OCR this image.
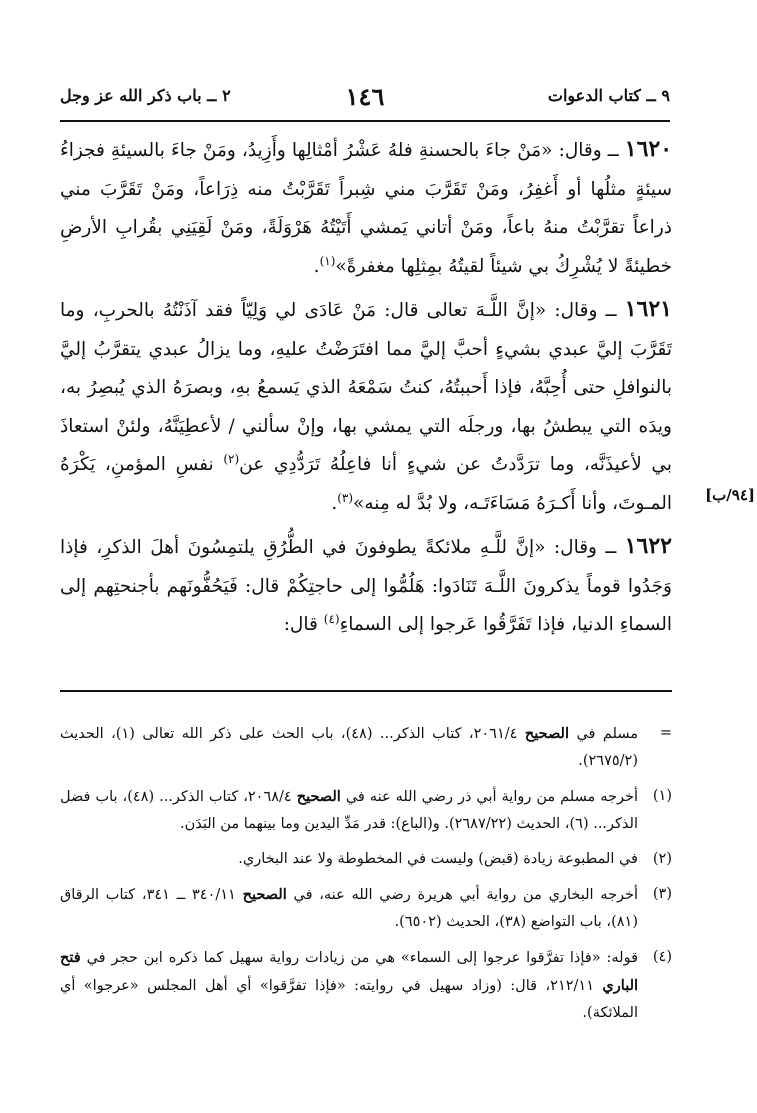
٩ ــ كتاب الدعوات
١٤٦
٢ ــ باب ذكر الله عز وجل
[٩٤/ب]

١٦٢٠ ــ وقال: «مَنْ جاءَ بالحسنةِ فلهُ عَشْرُ أمْثالِها وأَزِيدُ، ومَنْ جاءَ بالسيئةِ فجزاءُ سيئةٍ مثلُها أو أَغفِرُ، ومَنْ تَقَرَّبَ مني شِبراً تَقَرَّبْتُ منه ذِرَاعاً، ومَنْ تَقَرَّبَ مني ذراعاً تقرَّبْتُ منهُ باعاً، ومَنْ أتاني يَمشي أَتَيْتُهُ هَرْوَلَةً، ومَنْ لَقِيَنِي بقُرابِ الأرضِ خطيئةً لا يُشْرِكُ بي شيئاً لقيتُهُ بمِثلِها مغفرةً»$^{(١)}$.

١٦٢١ ــ وقال: «إنَّ اللَّـهَ تعالى قال: مَنْ عَادَى لي وَلِيّاً فقد آذَنْتُهُ بالحربِ، وما تَقَرَّبَ إليَّ عبدي بشيءٍ أحبَّ إليَّ مما افتَرَضْتُ عليهِ، وما يزالُ عبدي يتقرَّبُ إليَّ بالنوافلِ حتى أُحِبَّهُ، فإذا أَحببتُهُ، كنتُ سَمْعَهُ الذي يَسمعُ بهِ، وبصرَهُ الذي يُبصِرُ به، ويدَه التي يبطشُ بها، ورجلَه التي يمشي بها، وإنْ سألني / لأعطِيَنَّهُ، ولئنْ استعاذَ بي لأعيذَنَّه، وما ترَدَّدتُ عن شيءٍ أنا فاعِلُهُ تَرَدُّدِي عن$^{(٢)}$ نفسِ المؤمنِ، يَكْرَهُ المـوتَ، وأنا أَكـرَهُ مَسَاءَتَـه، ولا بُدَّ له مِنه»$^{(٣)}$.

١٦٢٢ ــ وقال: «إنَّ للَّـهِ ملائكةً يطوفونَ في الطُّرُقِ يلتمِسُونَ أهلَ الذكرِ، فإذا وَجَدُوا قوماً يذكرونَ اللَّـهَ تَنَادَوا: هَلُمُّوا إلى حاجتِكُمْ قال: فَيَحُفُّونَهم بأجنحتِهم إلى السماءِ الدنيا، فإذا تَفَرَّقُوا عَرجوا إلى السماءِ$^{(٤)}$ قال:

=
مسلم في الصحيح ٢٠٦١/٤، كتاب الذكر... (٤٨)، باب الحث على ذكر الله تعالى (١)، الحديث (٢٦٧٥/٢).
(١)
أخرجه مسلم من رواية أبي ذر رضي الله عنه في الصحيح ٢٠٦٨/٤، كتاب الذكر... (٤٨)، باب فضل الذكر... (٦)، الحديث (٢٦٨٧/٢٢). و(الباع): قدر مَدِّ اليدين وما بينهما من البَدَن.
(٢)
في المطبوعة زيادة (قبض) وليست في المخطوطة ولا عند البخاري.
(٣)
أخرجه البخاري من رواية أبي هريرة رضي الله عنه، في الصحيح ٣٤٠/١١ ــ ٣٤١، كتاب الرقاق (٨١)، باب التواضع (٣٨)، الحديث (٦٥٠٢).
(٤)
قوله: «فإذا تفرَّقوا عرجوا إلى السماء» هي من زيادات رواية سهيل كما ذكره ابن حجر في فتح الباري ٢١٢/١١، قال: (وزاد سهيل في روايته: «فإذا تفرَّقوا» أي أهل المجلس «عرجوا» أي الملائكة).
